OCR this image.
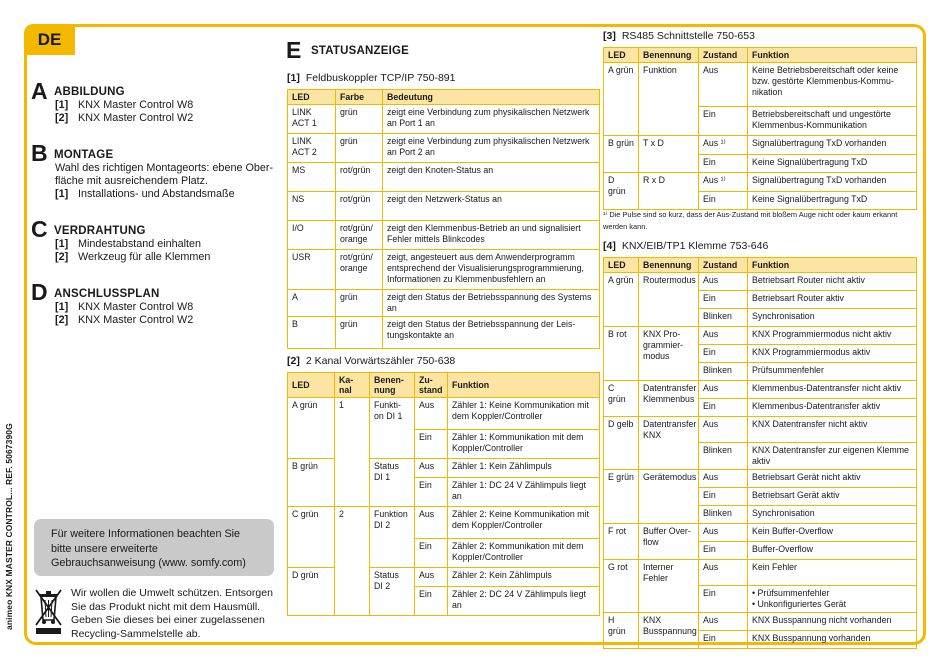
DE
animeo KNX MASTER CONTROL... REF. 5067390G
A ABBILDUNG
[1] KNX Master Control W8
[2] KNX Master Control W2
B MONTAGE
Wahl des richtigen Montageorts: ebene Ober-
fläche mit ausreichendem Platz.
[1] Installations- und Abstandsmaße
C VERDRAHTUNG
[1] Mindestabstand einhalten
[2] Werkzeug für alle Klemmen
D ANSCHLUSSPLAN
[1] KNX Master Control W8
[2] KNX Master Control W2
Für weitere Informationen beachten Sie bitte unsere erweiterte Gebrauchsanweisung (www. somfy.com)
Wir wollen die Umwelt schützen. Entsorgen Sie das Produkt nicht mit dem Hausmüll. Geben Sie dieses bei einer zugelassenen Recycling-Sammelstelle ab.
E STATUSANZEIGE
[1] Feldbuskoppler TCP/IP 750-891
LED	Farbe	Bedeutung
LINK ACT 1	grün	zeigt eine Verbindung zum physikalischen Netzwerk an Port 1 an
LINK ACT 2	grün	zeigt eine Verbindung zum physikalischen Netzwerk an Port 2 an
MS	rot/grün	zeigt den Knoten-Status an
NS	rot/grün	zeigt den Netzwerk-Status an
I/O	rot/grün/ orange	zeigt den Klemmenbus-Betrieb an und signalisiert Fehler mittels Blinkcodes
USR	rot/grün/ orange	zeigt, angesteuert aus dem Anwenderprogramm entsprechend der Visualisierungsprogrammierung, Informationen zu Klemmenbusfehlern an
A	grün	zeigt den Status der Betriebsspannung des Systems an
B	grün	zeigt den Status der Betriebsspannung der Leis-tungskontakte an
[2] 2 Kanal Vorwärtszähler 750-638
LED	Ka-nal	Benen-nung	Zu-stand	Funktion
A grün	1	Funkti-on DI 1	Aus	Zähler 1: Keine Kommunikation mit dem Koppler/Controller
			Ein	Zähler 1: Kommunikation mit dem Koppler/Controller
B grün		Status DI 1	Aus	Zähler 1: Kein Zählimpuls
			Ein	Zähler 1: DC 24 V Zählimpuls liegt an
C grün	2	Funktion DI 2	Aus	Zähler 2: Keine Kommunikation mit dem Koppler/Controller
			Ein	Zähler 2: Kommunikation mit dem Koppler/Controller
D grün		Status DI 2	Aus	Zähler 2: Kein Zählimpuls
			Ein	Zähler 2: DC 24 V Zählimpuls liegt an
[3] RS485 Schnittstelle 750-653
LED	Benennung	Zustand	Funktion
A grün	Funktion	Aus	Keine Betriebsbereitschaft oder keine bzw. gestörte Klemmenbus-Kommu-nikation
		Ein	Betriebsbereitschaft und ungestörte Klemmenbus-Kommunikation
B grün	T x D	Aus ¹⁾	Signalübertragung TxD vorhanden
		Ein	Keine Signalübertragung TxD
D grün	R x D	Aus ¹⁾	Signalübertragung TxD vorhanden
		Ein	Keine Signalübertragung TxD
¹⁾ Die Pulse sind so kurz, dass der Aus-Zustand mit bloßem Auge nicht oder kaum erkannt werden kann.
[4] KNX/EIB/TP1 Klemme 753-646
LED	Benennung	Zustand	Funktion
A grün	Routermodus	Aus	Betriebsart Router nicht aktiv
		Ein	Betriebsart Router aktiv
		Blinken	Synchronisation
B rot	KNX Pro-grammier-modus	Aus	KNX Programmiermodus nicht aktiv
		Ein	KNX Programmiermodus aktiv
		Blinken	Prüfsummenfehler
C grün	Datentransfer Klemmenbus	Aus	Klemmenbus-Datentransfer nicht aktiv
		Ein	Klemmenbus-Datentransfer aktiv
D gelb	Datentransfer KNX	Aus	KNX Datentransfer nicht aktiv
		Blinken	KNX Datentransfer zur eigenen Klemme aktiv
E grün	Gerätemodus	Aus	Betriebsart Gerät nicht aktiv
		Ein	Betriebsart Gerät aktiv
		Blinken	Synchronisation
F rot	Buffer Over-flow	Aus	Kein Buffer-Overflow
		Ein	Buffer-Overflow
G rot	Interner Fehler	Aus	Kein Fehler
		Ein	• Prüfsummenfehler
• Unkonfiguriertes Gerät
H grün	KNX Busspannung	Aus	KNX Busspannung nicht vorhanden
		Ein	KNX Busspannung vorhanden
